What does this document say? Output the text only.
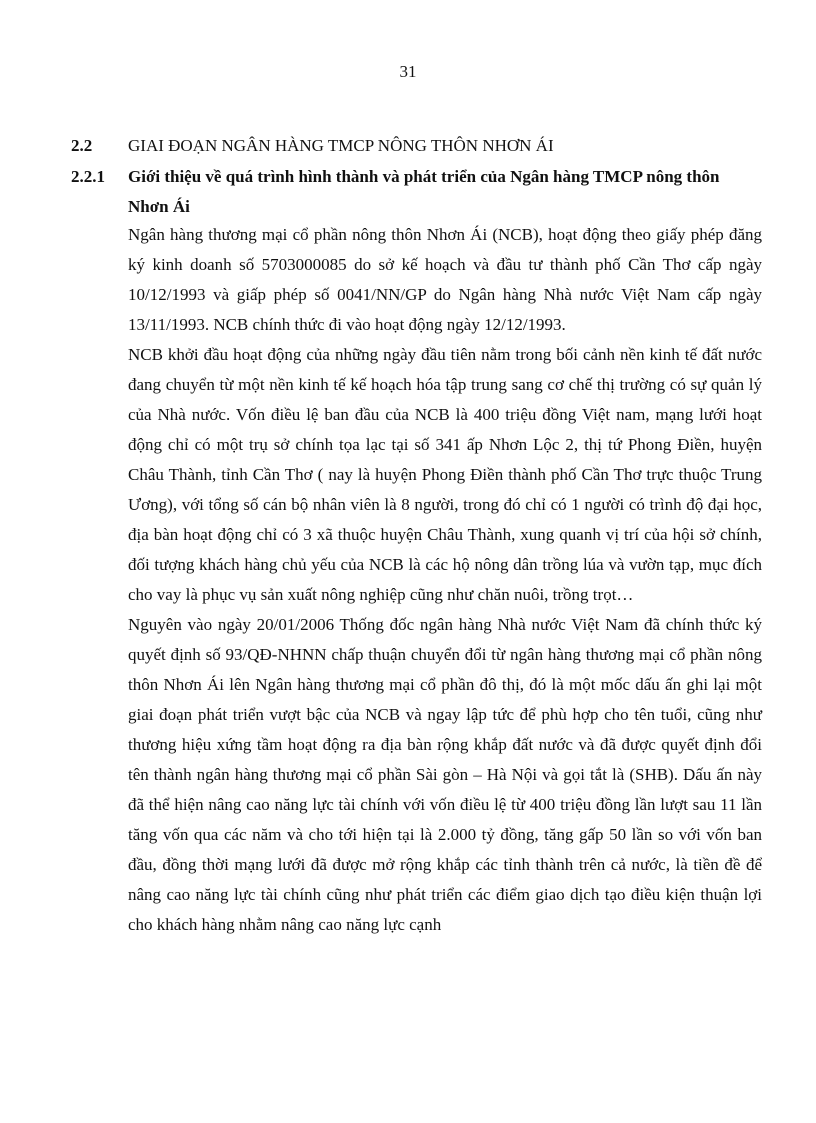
31
2.2 GIAI ĐOẠN NGÂN HÀNG TMCP NÔNG THÔN NHƠN ÁI
2.2.1 Giới thiệu về quá trình hình thành và phát triển của Ngân hàng TMCP nông thôn Nhơn Ái

Ngân hàng thương mại cổ phần nông thôn Nhơn Ái (NCB), hoạt động theo giấy phép đăng ký kinh doanh số 5703000085 do sở kế hoạch và đầu tư thành phố Cần Thơ cấp ngày 10/12/1993 và giấp phép số 0041/NN/GP do Ngân hàng Nhà nước Việt Nam cấp ngày 13/11/1993. NCB chính thức đi vào hoạt động ngày 12/12/1993.

NCB khởi đầu hoạt động của những ngày đầu tiên nằm trong bối cảnh nền kinh tế đất nước đang chuyển từ một nền kinh tế kế hoạch hóa tập trung sang cơ chế thị trường có sự quản lý của Nhà nước. Vốn điều lệ ban đầu của NCB là 400 triệu đồng Việt nam, mạng lưới hoạt động chỉ có một trụ sở chính tọa lạc tại số 341 ấp Nhơn Lộc 2, thị tứ Phong Điền, huyện Châu Thành, tỉnh Cần Thơ ( nay là huyện Phong Điền thành phố Cần Thơ trực thuộc Trung Ương), với tổng số cán bộ nhân viên là 8 người, trong đó chỉ có 1 người có trình độ đại học, địa bàn hoạt động chỉ có 3 xã thuộc huyện Châu Thành, xung quanh vị trí của hội sở chính, đối tượng khách hàng chủ yếu của NCB là các hộ nông dân trồng lúa và vườn tạp, mục đích cho vay là phục vụ sản xuất nông nghiệp cũng như chăn nuôi, trồng trọt…

Nguyên vào ngày 20/01/2006 Thống đốc ngân hàng Nhà nước Việt Nam đã chính thức ký quyết định số 93/QĐ-NHNN chấp thuận chuyển đổi từ ngân hàng thương mại cổ phần nông thôn Nhơn Ái lên Ngân hàng thương mại cổ phần đô thị, đó là một mốc dấu ấn ghi lại một giai đoạn phát triển vượt bậc của NCB và ngay lập tức để phù hợp cho tên tuổi, cũng như thương hiệu xứng tầm hoạt động ra địa bàn rộng khắp đất nước và đã được quyết định đổi tên thành ngân hàng thương mại cổ phần Sài gòn – Hà Nội và gọi tắt là (SHB). Dấu ấn này đã thể hiện nâng cao năng lực tài chính với vốn điều lệ từ 400 triệu đồng lần lượt sau 11 lần tăng vốn qua các năm và cho tới hiện tại là 2.000 tỷ đồng, tăng gấp 50 lần so với vốn ban đầu, đồng thời mạng lưới đã được mở rộng khắp các tỉnh thành trên cả nước, là tiền đề để nâng cao năng lực tài chính cũng như phát triển các điểm giao dịch tạo điều kiện thuận lợi cho khách hàng nhằm nâng cao năng lực cạnh
